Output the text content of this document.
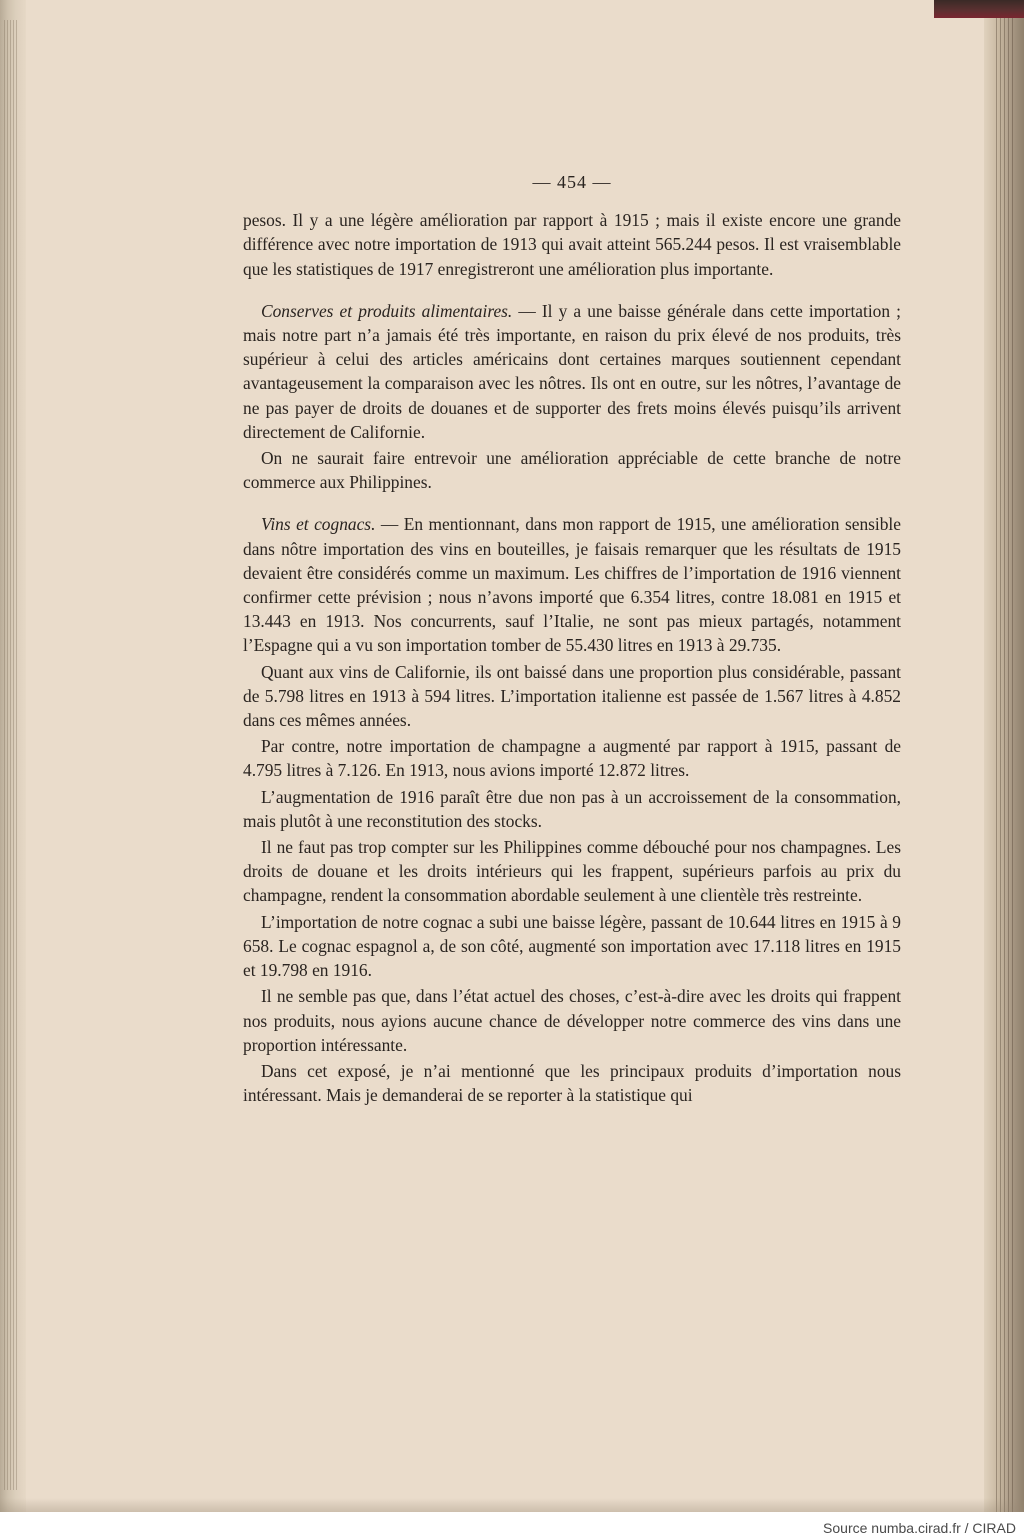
— 454 —

pesos. Il y a une légère amélioration par rapport à 1915 ; mais il existe encore une grande différence avec notre importation de 1913 qui avait atteint 565.244 pesos. Il est vraisemblable que les statistiques de 1917 enregistreront une amélioration plus importante.

Conserves et produits alimentaires. — Il y a une baisse générale dans cette importation ; mais notre part n’a jamais été très importante, en raison du prix élevé de nos produits, très supérieur à celui des articles américains dont certaines marques soutiennent cependant avantageusement la comparaison avec les nôtres. Ils ont en outre, sur les nôtres, l’avantage de ne pas payer de droits de douanes et de supporter des frets moins élevés puisqu’ils arrivent directement de Californie.

On ne saurait faire entrevoir une amélioration appréciable de cette branche de notre commerce aux Philippines.

Vins et cognacs. — En mentionnant, dans mon rapport de 1915, une amélioration sensible dans nôtre importation des vins en bouteilles, je faisais remarquer que les résultats de 1915 devaient être considérés comme un maximum. Les chiffres de l’importation de 1916 viennent confirmer cette prévision ; nous n’avons importé que 6.354 litres, contre 18.081 en 1915 et 13.443 en 1913. Nos concurrents, sauf l’Italie, ne sont pas mieux partagés, notamment l’Espagne qui a vu son importation tomber de 55.430 litres en 1913 à 29.735.

Quant aux vins de Californie, ils ont baissé dans une proportion plus considérable, passant de 5.798 litres en 1913 à 594 litres. L’importation italienne est passée de 1.567 litres à 4.852 dans ces mêmes années.

Par contre, notre importation de champagne a augmenté par rapport à 1915, passant de 4.795 litres à 7.126. En 1913, nous avions importé 12.872 litres.

L’augmentation de 1916 paraît être due non pas à un accroissement de la consommation, mais plutôt à une reconstitution des stocks.

Il ne faut pas trop compter sur les Philippines comme débouché pour nos champagnes. Les droits de douane et les droits intérieurs qui les frappent, supérieurs parfois au prix du champagne, rendent la consommation abordable seulement à une clientèle très restreinte.

L’importation de notre cognac a subi une baisse légère, passant de 10.644 litres en 1915 à 9 658. Le cognac espagnol a, de son côté, augmenté son importation avec 17.118 litres en 1915 et 19.798 en 1916.

Il ne semble pas que, dans l’état actuel des choses, c’est-à-dire avec les droits qui frappent nos produits, nous ayions aucune chance de développer notre commerce des vins dans une proportion intéressante.

Dans cet exposé, je n’ai mentionné que les principaux produits d’importation nous intéressant. Mais je demanderai de se reporter à la statistique qui

Source numba.cirad.fr / CIRAD
